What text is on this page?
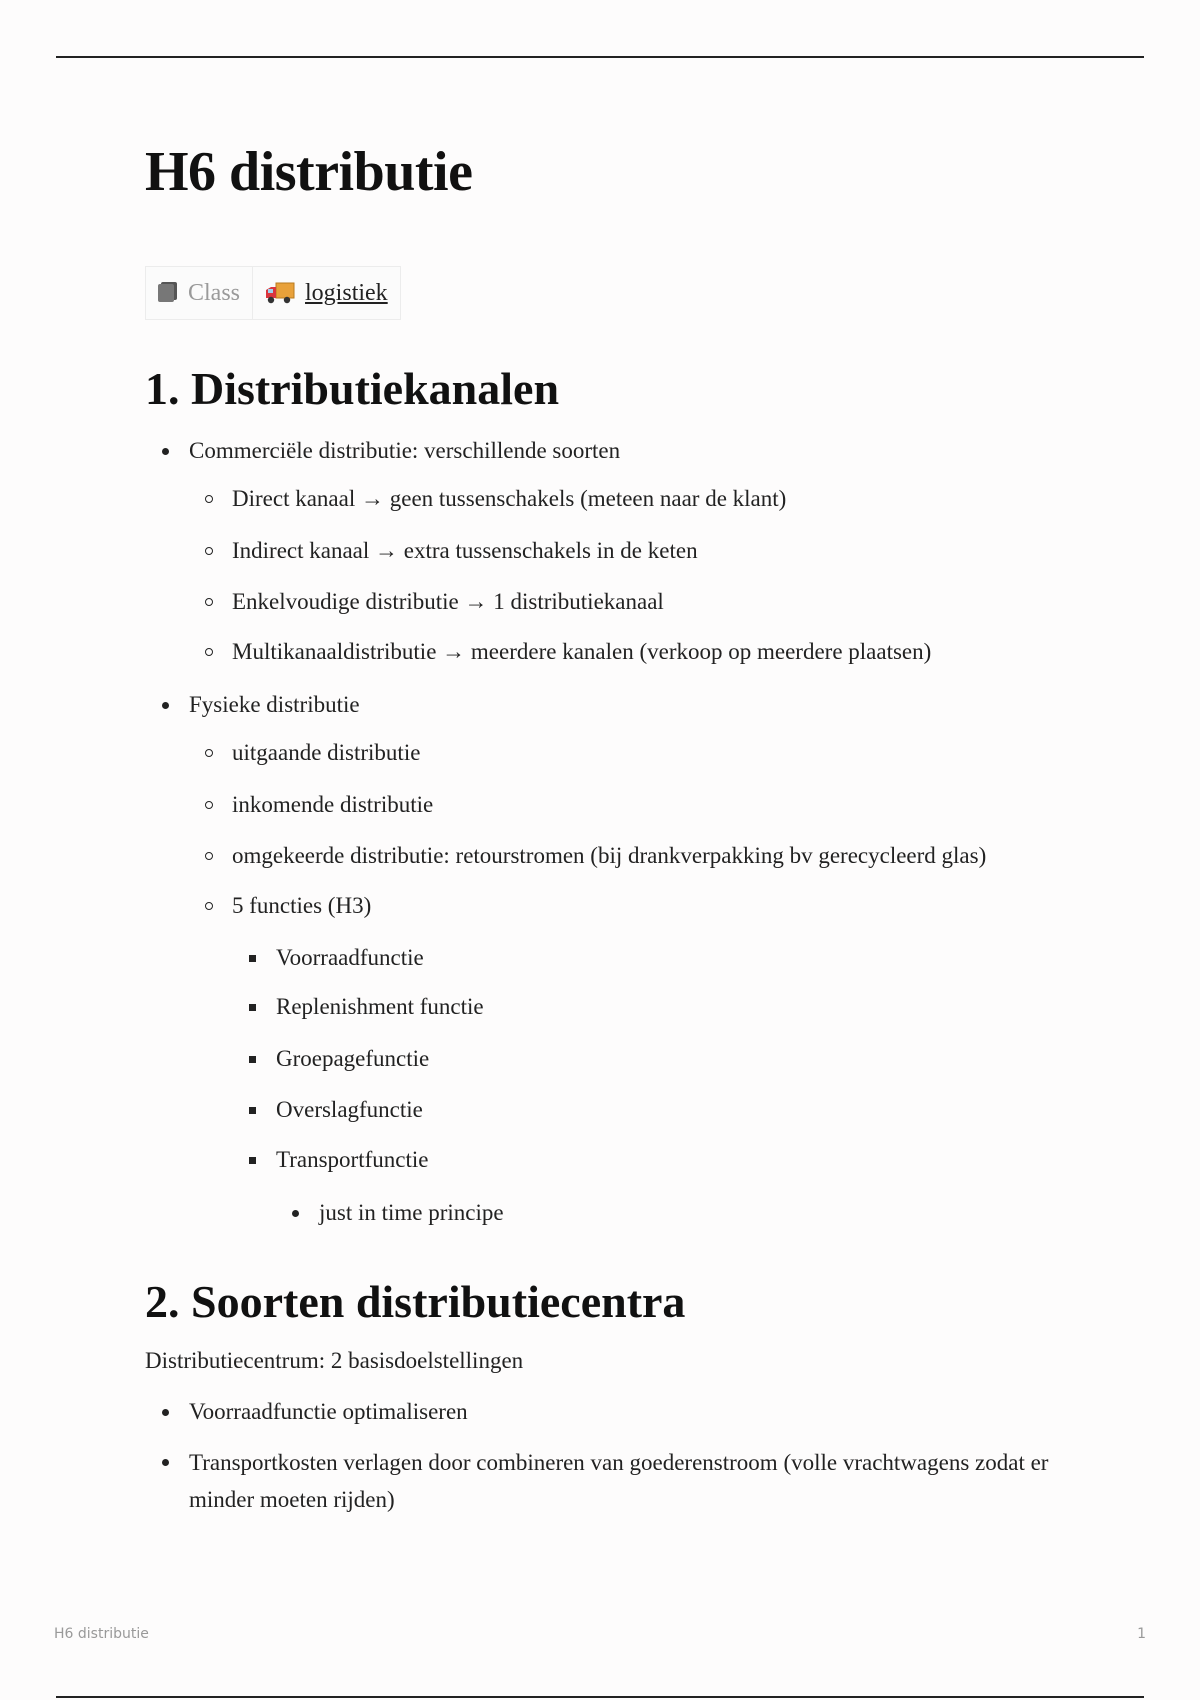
H6 distributie
Class	logistiek
1. Distributiekanalen
Commerciële distributie: verschillende soorten
Direct kanaal → geen tussenschakels (meteen naar de klant)
Indirect kanaal → extra tussenschakels in de keten
Enkelvoudige distributie → 1 distributiekanaal
Multikanaaldistributie → meerdere kanalen (verkoop op meerdere plaatsen)
Fysieke distributie
uitgaande distributie
inkomende distributie
omgekeerde distributie: retourstromen (bij drankverpakking bv gerecycleerd glas)
5 functies (H3)
Voorraadfunctie
Replenishment functie
Groepagefunctie
Overslagfunctie
Transportfunctie
just in time principe
2. Soorten distributiecentra
Distributiecentrum: 2 basisdoelstellingen
Voorraadfunctie optimaliseren
Transportkosten verlagen door combineren van goederenstroom (volle vrachtwagens zodat er minder moeten rijden)
H6 distributie	1
